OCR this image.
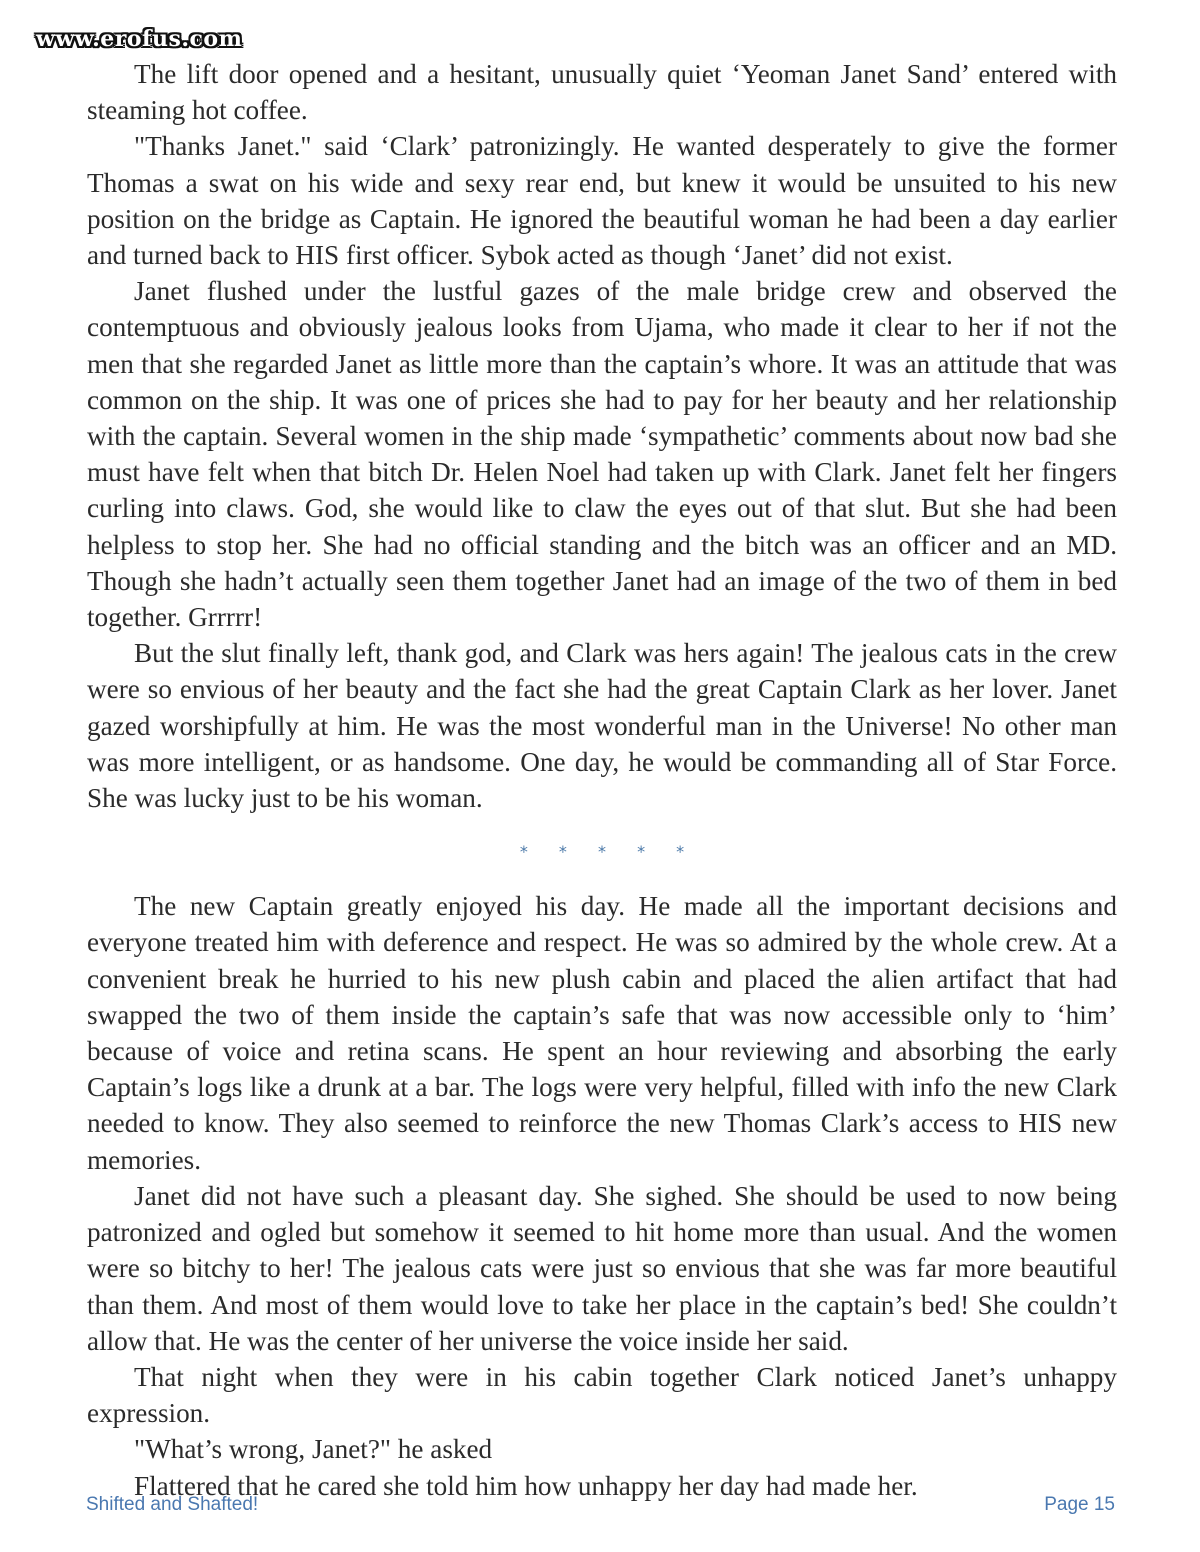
www.erofus.com

The lift door opened and a hesitant, unusually quiet ‘Yeoman Janet Sand’ entered with steaming hot coffee.

"Thanks Janet." said ‘Clark’ patronizingly. He wanted desperately to give the former Thomas a swat on his wide and sexy rear end, but knew it would be unsuited to his new position on the bridge as Captain. He ignored the beautiful woman he had been a day earlier and turned back to HIS first officer. Sybok acted as though ‘Janet’ did not exist.

Janet flushed under the lustful gazes of the male bridge crew and observed the contemptuous and obviously jealous looks from Ujama, who made it clear to her if not the men that she regarded Janet as little more than the captain’s whore. It was an attitude that was common on the ship. It was one of prices she had to pay for her beauty and her relationship with the captain. Several women in the ship made ‘sympathetic’ comments about now bad she must have felt when that bitch Dr. Helen Noel had taken up with Clark. Janet felt her fingers curling into claws. God, she would like to claw the eyes out of that slut. But she had been helpless to stop her. She had no official standing and the bitch was an officer and an MD. Though she hadn’t actually seen them together Janet had an image of the two of them in bed together. Grrrrr!

But the slut finally left, thank god, and Clark was hers again! The jealous cats in the crew were so envious of her beauty and the fact she had the great Captain Clark as her lover. Janet gazed worshipfully at him. He was the most wonderful man in the Universe! No other man was more intelligent, or as handsome. One day, he would be commanding all of Star Force. She was lucky just to be his woman.

* * * * *

The new Captain greatly enjoyed his day. He made all the important decisions and everyone treated him with deference and respect. He was so admired by the whole crew. At a convenient break he hurried to his new plush cabin and placed the alien artifact that had swapped the two of them inside the captain’s safe that was now accessible only to ‘him’ because of voice and retina scans. He spent an hour reviewing and absorbing the early Captain’s logs like a drunk at a bar. The logs were very helpful, filled with info the new Clark needed to know. They also seemed to reinforce the new Thomas Clark’s access to HIS new memories.

Janet did not have such a pleasant day. She sighed. She should be used to now being patronized and ogled but somehow it seemed to hit home more than usual. And the women were so bitchy to her! The jealous cats were just so envious that she was far more beautiful than them. And most of them would love to take her place in the captain’s bed! She couldn’t allow that. He was the center of her universe the voice inside her said.

That night when they were in his cabin together Clark noticed Janet’s unhappy expression.

"What’s wrong, Janet?" he asked

Flattered that he cared she told him how unhappy her day had made her.

Shifted and Shafted!	Page 15
